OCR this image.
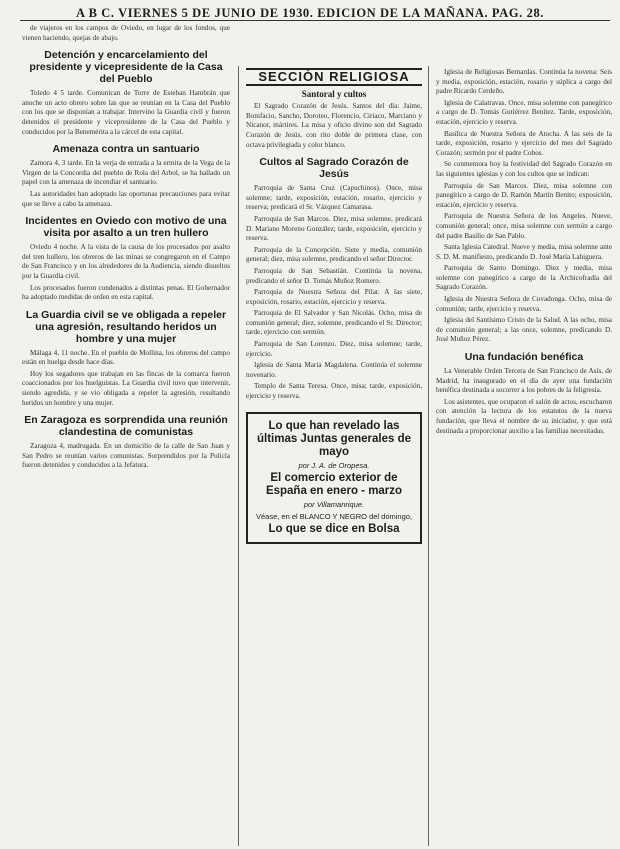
A B C. VIERNES 5 DE JUNIO DE 1930. EDICION DE LA MAÑANA. PAG. 28.

de viajeros en los campos de Oviedo, en lugar de los fondos, que vienen haciendo, quejas de abajo.

Detención y encarcelamiento del presidente y vicepresidente de la Casa del Pueblo

Toledo 4 5 tarde. Comunican de Torre de Esteban Hambrán que anoche un acto obrero sobre las que se reunian en la Casa del Pueblo con los que se disponían a trabajar. Intervino la Guardia civil y fueron detenidos el presidente y vicepresidente de la Casa del Pueblo y conducidos por la Benemérita a la cárcel de esta capital.

Amenaza contra un santuario

Zamora 4, 3 tarde. En la verja de entrada a la ermita de la Vega de la Virgen de la Concordia del pueblo de Rola del Arbol, se ha hallado un papel con la amenaza de incendiar el santuario.

Las autoridades han adoptado las oportunas precauciones para evitar que se lleve a cabo la amenaza.

Incidentes en Oviedo con motivo de una visita por asalto a un tren hullero

Oviedo 4 noche. A la vista de la causa de los procesados por asalto del tren hullero, los obreros de las minas se congregaron en el Campo de San Francisco y en los alrededores de la Audiencia, siendo disueltos por la Guardia civil.

Los procesados fueron condenados a distintas penas. El Gobernador ha adoptado medidas de orden en esta capital.

La Guardia civil se ve obligada a repeler una agresión, resultando heridos un hombre y una mujer

Málaga 4, 11 noche. En el pueblo de Mollina, los obreros del campo están en huelga desde hace días.

Hoy los segadores que trabajan en las fincas de la comarca fueron coaccionados por los huelguistas. La Guardia civil tuvo que intervenir, siendo agredida, y se vio obligada a repeler la agresión, resultando heridos un hombre y una mujer.

En Zaragoza es sorprendida una reunión clandestina de comunistas

Zaragoza 4, madrugada. En un domicilio de la calle de San Juan y San Pedro se reunían varios comunistas. Sorprendidos por la Policía fueron detenidos y conducidos a la Jefatura.

SECCIÓN RELIGIOSA
Santoral y cultos

El Sagrado Corazón de Jesús. Santos del día: Jaime, Bonifacio, Sancho, Doroteo, Florencio, Ciriaco, Marciano y Nicanor, mártires. La misa y oficio divino son del Sagrado Corazón de Jesús, con rito doble de primera clase, con octava privilegiada y color blanco.

Cultos al Sagrado Corazón de Jesús

Parroquia de Santa Cruz (Capuchinos). Once, misa solemne; tarde, exposición, estación, rosario, ejercicio y reserva; predicará el Sr. Vázquez Camarasa.

Parroquia de San Marcos. Diez, misa solemne, predicará D. Mariano Moreno González; tarde, exposición, ejercicio y reserva.

Parroquia de la Concepción. Siete y media, comunión general; diez, misa solemne, predicando el señor Director.

Parroquia de San Sebastián. Continúa la novena, predicando el señor D. Tomás Muñoz Romero.

Parroquia de Nuestra Señora del Pilar. A las siete, exposición, rosario, estación, ejercicio y reserva.

Parroquia de El Salvador y San Nicolás. Ocho, misa de comunión general; diez, solemne, predicando el Sr. Director; tarde, ejercicio con sermón.

Parroquia de San Lorenzo. Diez, misa solemne; tarde, ejercicio.

Iglesia de Santa María Magdalena. Continúa el solemne novenario.

Templo de Santa Teresa. Once, misa; tarde, exposición, ejercicio y reserva.

Lo que han revelado las últimas Juntas generales de mayo
por J. A. de Oropesa.
El comercio exterior de España en enero - marzo
por Villamanrique.
Véase, en el BLANCO Y NEGRO del domingo,
Lo que se dice en Bolsa

Iglesia de Religiosas Bernardas. Continúa la novena: Seis y media, exposición, estación, rosario y súplica a cargo del padre Ricardo Cerdeño.

Iglesia de Calatravas. Once, misa solemne con panegírico a cargo de D. Tomás Gutiérrez Benítez. Tarde, exposición, estación, ejercicio y reserva.

Basílica de Nuestra Señora de Atocha. A las seis de la tarde, exposición, rosario y ejercicio del mes del Sagrado Corazón; sermón por el padre Cobos.

Se conmemora hoy la festividad del Sagrado Corazón en las siguientes iglesias y con los cultos que se indican:

Parroquia de San Marcos. Diez, misa solemne con panegírico a cargo de D. Ramón Martín Benito; exposición, estación, ejercicio y reserva.

Parroquia de Nuestra Señora de los Angeles. Nueve, comunión general; once, misa solemne con sermón a cargo del padre Basilio de San Pablo.

Santa Iglesia Catedral. Nueve y media, misa solemne ante S. D. M. manifiesto, predicando D. José María Lahiguera.

Parroquia de Santo Domingo. Diez y media, misa solemne con panegírico a cargo de la Archicofradía del Sagrado Corazón.

Iglesia de Nuestra Señora de Covadonga. Ocho, misa de comunión; tarde, ejercicio y reserva.

Iglesia del Santísimo Cristo de la Salud. A las ocho, misa de comunión general; a las once, solemne, predicando D. José Muñoz Pérez.

Una fundación benéfica

La Venerable Orden Tercera de San Francisco de Asís, de Madrid, ha inaugurado en el día de ayer una fundación benéfica destinada a socorrer a los pobres de la feligresía.

Los asistentes, que ocuparon el salón de actos, escucharon con atención la lectura de los estatutos de la nueva fundación, que lleva el nombre de su iniciador, y que está destinada a proporcionar auxilio a las familias necesitadas.
